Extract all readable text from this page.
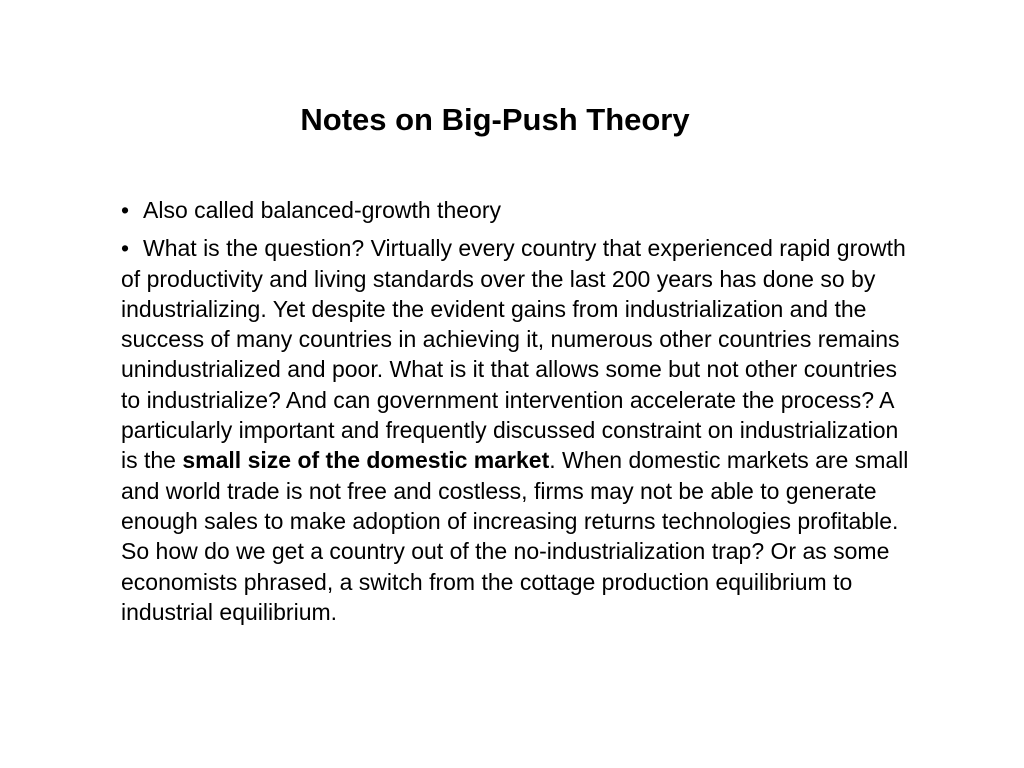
Notes on Big-Push Theory

• Also called balanced-growth theory

• What is the question? Virtually every country that experienced rapid growth of productivity and living standards over the last 200 years has done so by industrializing. Yet despite the evident gains from industrialization and the success of many countries in achieving it, numerous other countries remains unindustrialized and poor. What is it that allows some but not other countries to industrialize? And can government intervention accelerate the process? A particularly important and frequently discussed constraint on industrialization is the small size of the domestic market. When domestic markets are small and world trade is not free and costless, firms may not be able to generate enough sales to make adoption of increasing returns technologies profitable. So how do we get a country out of the no-industrialization trap? Or as some economists phrased, a switch from the cottage production equilibrium to industrial equilibrium.
